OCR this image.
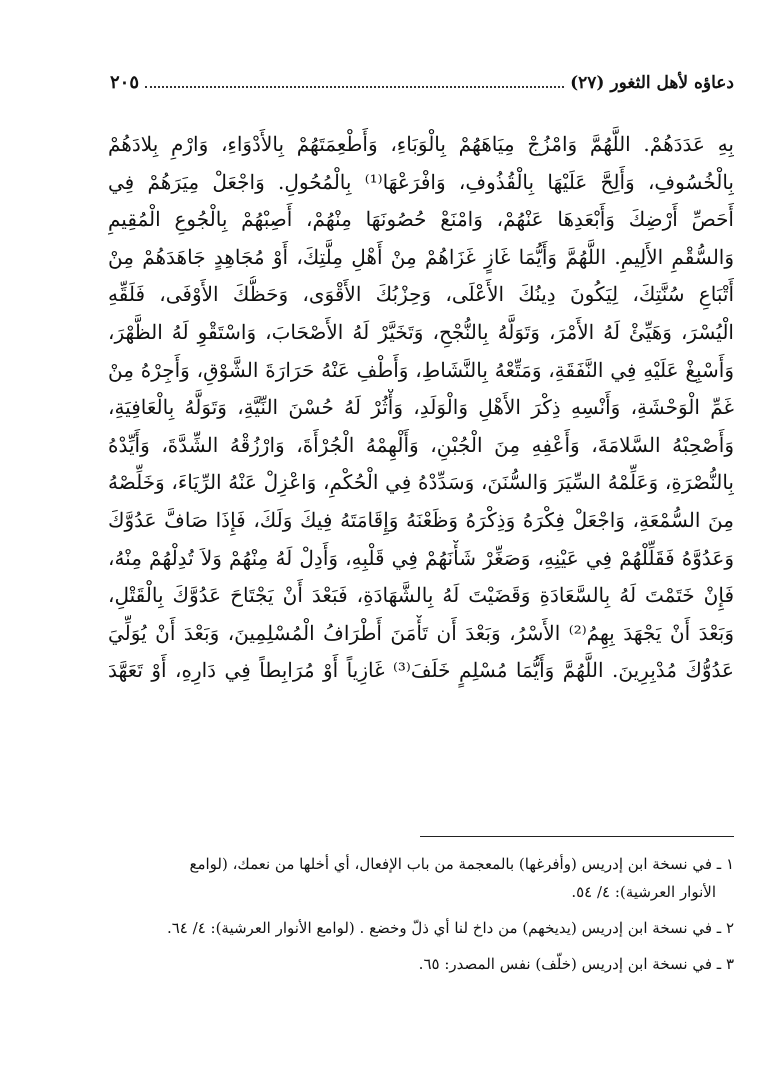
دعاؤه لأهل الثغور (٢٧)
٢٠٥
بِهِ عَدَدَهُمْ. اللَّهُمَّ وَامْزُجْ مِيَاهَهُمْ بِالْوَبَاءِ، وَأَطْعِمَتَهُمْ بِالأَدْوَاءِ، وَارْمِ بِلادَهُمْ
بِالْخُسُوفِ، وَأَلِحَّ عَلَيْهَا بِالْقُذُوفِ، وَافْرَعْهَا⁽¹⁾ بِالْمُحُولِ. وَاجْعَلْ مِيَرَهُمْ فِي
أَحَصِّ أَرْضِكَ وَأَبْعَدِهَا عَنْهُمْ، وَامْنَعْ حُصُونَهَا مِنْهُمْ، أَصِبْهُمْ بِالْجُوعِ الْمُقِيمِ
وَالسُّقْمِ الأَلِيمِ. اللَّهُمَّ وَأَيُّمَا غَازٍ غَزَاهُمْ مِنْ أَهْلِ مِلَّتِكَ، أَوْ مُجَاهِدٍ جَاهَدَهُمْ مِنْ
أَتْبَاعِ سُنَّتِكَ، لِيَكُونَ دِينُكَ الأَعْلَى، وَحِزْبُكَ الأَقْوَى، وَحَظُّكَ الأَوْفَى، فَلَقِّهِ
الْيُسْرَ، وَهَيِّئْ لَهُ الأَمْرَ، وَتَوَلَّهُ بِالنُّجْحِ، وَتَخَيَّرْ لَهُ الأَصْحَابَ، وَاسْتَقْوِ لَهُ الظَّهْرَ،
وَأَسْبِغْ عَلَيْهِ فِي النَّفَقَةِ، وَمَتِّعْهُ بِالنَّشَاطِ، وَأَطْفِ عَنْهُ حَرَارَةَ الشَّوْقِ، وَأَجِرْهُ مِنْ
غَمِّ الْوَحْشَةِ، وَأَنْسِهِ ذِكْرَ الأَهْلِ وَالْوَلَدِ، وَأْثُرْ لَهُ حُسْنَ النِّيَّةِ، وَتَوَلَّهُ بِالْعَافِيَةِ،
وَأَصْحِبْهُ السَّلامَةَ، وَأَعْفِهِ مِنَ الْجُبْنِ، وَأَلْهِمْهُ الْجُرْأَةَ، وَارْزُقْهُ الشِّدَّةَ، وَأَيِّدْهُ
بِالنُّصْرَةِ، وَعَلِّمْهُ السِّيَرَ وَالسُّنَنَ، وَسَدِّدْهُ فِي الْحُكْمِ، وَاعْزِلْ عَنْهُ الرِّيَاءَ، وَخَلِّصْهُ
مِنَ السُّمْعَةِ، وَاجْعَلْ فِكْرَهُ وَذِكْرَهُ وَظَعْنَهُ وَإِقَامَتَهُ فِيكَ وَلَكَ، فَإِذَا صَافَّ عَدُوَّكَ
وَعَدُوَّهُ فَقَلِّلْهُمْ فِي عَيْنِهِ، وَصَغِّرْ شَأْنَهُمْ فِي قَلْبِهِ، وَأَدِلْ لَهُ مِنْهُمْ وَلاَ تُدِلْهُمْ مِنْهُ،
فَإِنْ خَتَمْتَ لَهُ بِالسَّعَادَةِ وَقَضَيْتَ لَهُ بِالشَّهَادَةِ، فَبَعْدَ أَنْ يَجْتَاحَ عَدُوَّكَ بِالْقَتْلِ،
وَبَعْدَ أَنْ يَجْهَدَ بِهِمُ⁽²⁾ الأَسْرُ، وَبَعْدَ أَن تَأْمَنَ أَطْرَافُ الْمُسْلِمِينَ، وَبَعْدَ أَنْ يُوَلِّيَ
عَدُوُّكَ مُدْبِرِينَ. اللَّهُمَّ وَأَيُّمَا مُسْلِمٍ خَلَفَ⁽³⁾ غَازِياً أَوْ مُرَابِطاً فِي دَارِهِ، أَوْ تَعَهَّدَ
١ ـ في نسخة ابن إدريس (وأفرغها) بالمعجمة من باب الإفعال، أي أخلها من نعمك، (لوامع
الأنوار العرشية): ٤/ ٥٤.
٢ ـ في نسخة ابن إدريس (يديخهم) من داخ لنا أي ذلّ وخضع . (لوامع الأنوار العرشية): ٤/ ٦٤.
٣ ـ في نسخة ابن إدريس (خلّف) نفس المصدر: ٦٥.
